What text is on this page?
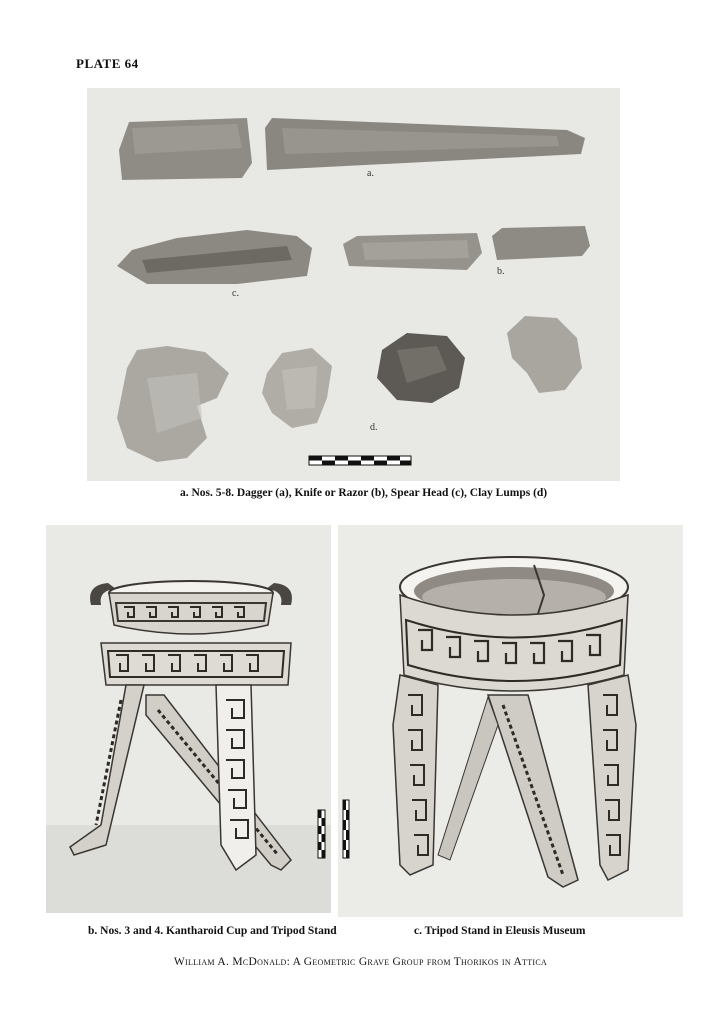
PLATE 64
a.
c.
b.
d.
a. Nos. 5-8. Dagger (a), Knife or Razor (b), Spear Head (c), Clay Lumps (d)
b. Nos. 3 and 4. Kantharoid Cup and Tripod Stand	c. Tripod Stand in Eleusis Museum
William A. McDonald: A Geometric Grave Group from Thorikos in Attica
